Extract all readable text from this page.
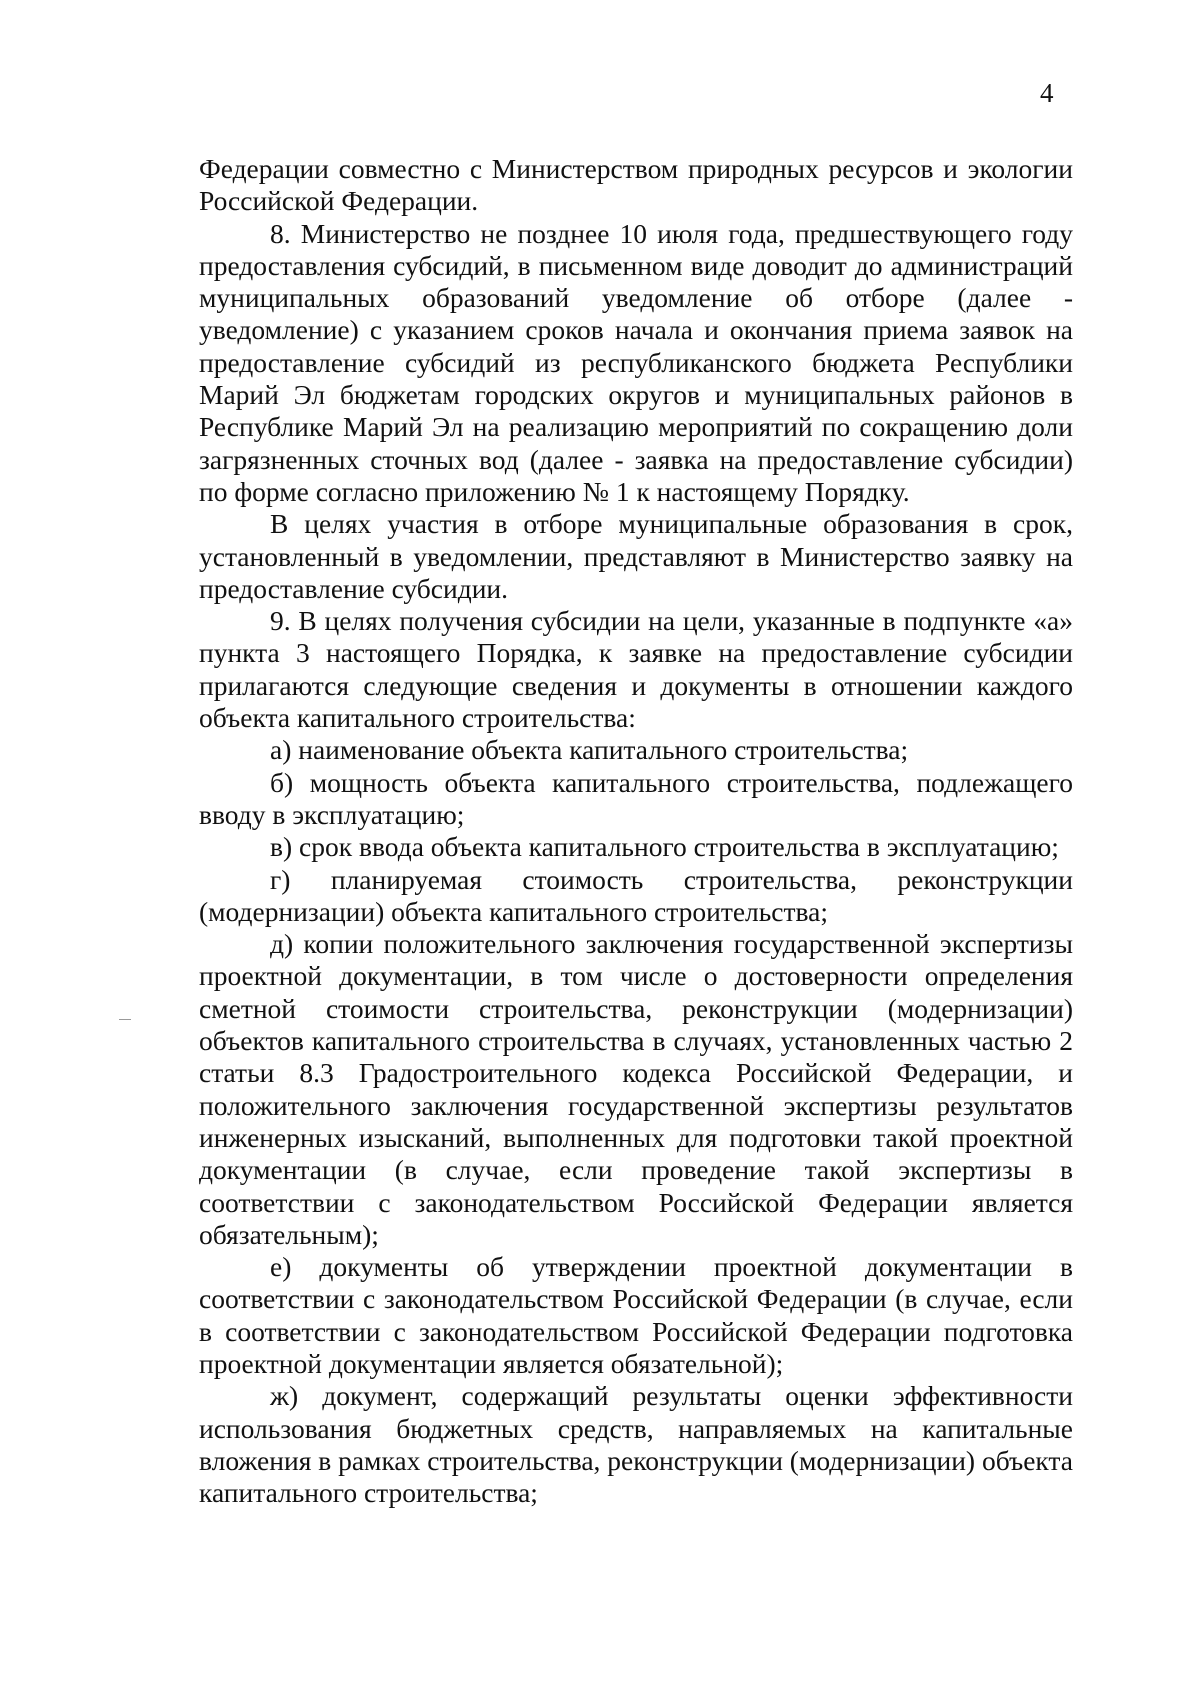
4

Федерации совместно с Министерством природных ресурсов и экологии Российской Федерации.

8. Министерство не позднее 10 июля года, предшествующего году предоставления субсидий, в письменном виде доводит до администраций муниципальных образований уведомление об отборе (далее - уведомление) с указанием сроков начала и окончания приема заявок на предоставление субсидий из республиканского бюджета Республики Марий Эл бюджетам городских округов и муниципальных районов в Республике Марий Эл на реализацию мероприятий по сокращению доли загрязненных сточных вод (далее - заявка на предоставление субсидии) по форме согласно приложению № 1 к настоящему Порядку.

В целях участия в отборе муниципальные образования в срок, установленный в уведомлении, представляют в Министерство заявку на предоставление субсидии.

9. В целях получения субсидии на цели, указанные в подпункте «а» пункта 3 настоящего Порядка, к заявке на предоставление субсидии прилагаются следующие сведения и документы в отношении каждого объекта капитального строительства:

а) наименование объекта капитального строительства;

б) мощность объекта капитального строительства, подлежащего вводу в эксплуатацию;

в) срок ввода объекта капитального строительства в эксплуатацию;

г) планируемая стоимость строительства, реконструкции (модернизации) объекта капитального строительства;

д) копии положительного заключения государственной экспертизы проектной документации, в том числе о достоверности определения сметной стоимости строительства, реконструкции (модернизации) объектов капитального строительства в случаях, установленных частью 2 статьи 8.3 Градостроительного кодекса Российской Федерации, и положительного заключения государственной экспертизы результатов инженерных изысканий, выполненных для подготовки такой проектной документации (в случае, если проведение такой экспертизы в соответствии с законодательством Российской Федерации является обязательным);

е) документы об утверждении проектной документации в соответствии с законодательством Российской Федерации (в случае, если в соответствии с законодательством Российской Федерации подготовка проектной документации является обязательной);

ж) документ, содержащий результаты оценки эффективности использования бюджетных средств, направляемых на капитальные вложения в рамках строительства, реконструкции (модернизации) объекта капитального строительства;
